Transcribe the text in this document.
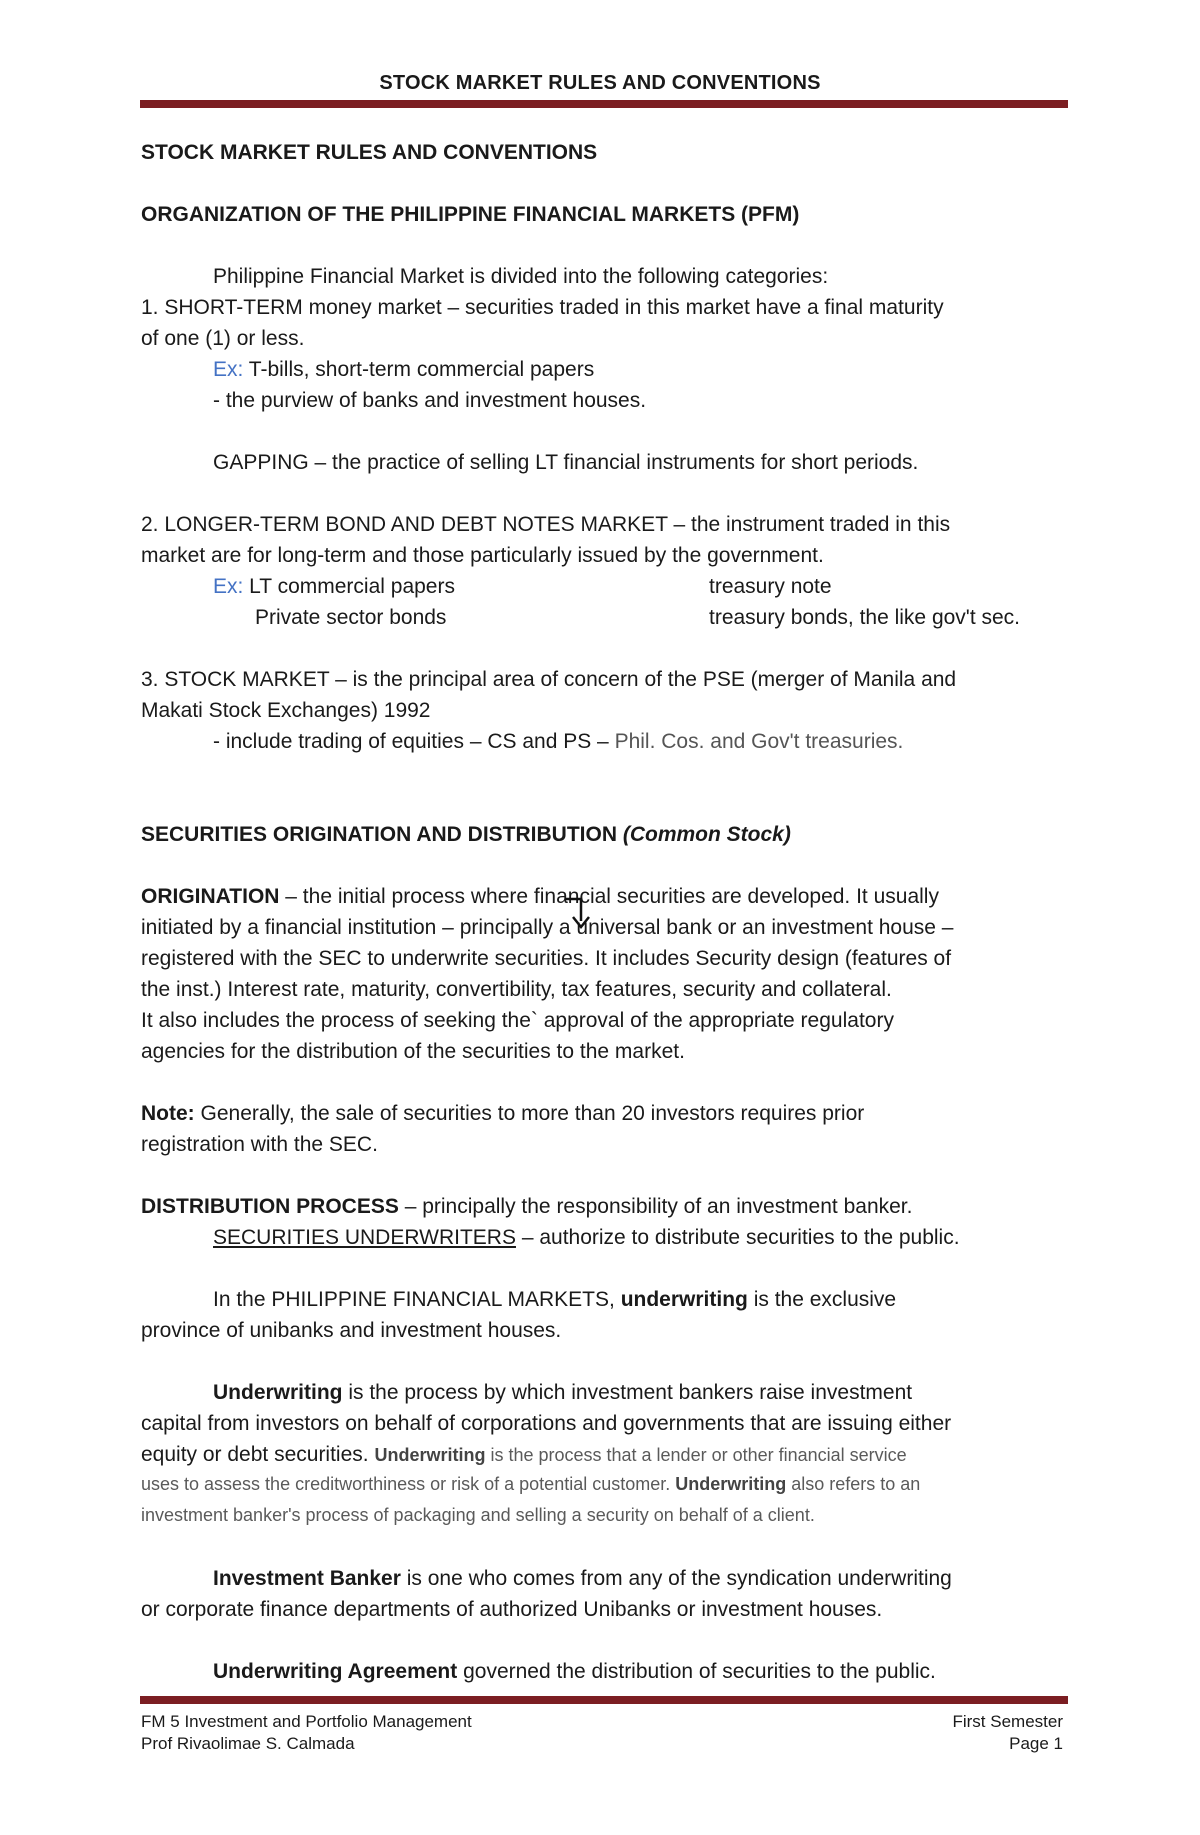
STOCK MARKET RULES AND CONVENTIONS
STOCK MARKET RULES AND CONVENTIONS
ORGANIZATION OF THE PHILIPPINE FINANCIAL MARKETS (PFM)
Philippine Financial Market is divided into the following categories:
1. SHORT-TERM money market – securities traded in this market have a final maturity
of one (1) or less.
Ex: T-bills, short-term commercial papers
- the purview of banks and investment houses.
GAPPING – the practice of selling LT financial instruments for short periods.
2. LONGER-TERM BOND AND DEBT NOTES MARKET – the instrument traded in this
market are for long-term and those particularly issued by the government.
Ex: LT commercial papers	treasury note
Private sector bonds	treasury bonds, the like gov't sec.
3. STOCK MARKET – is the principal area of concern of the PSE (merger of Manila and
Makati Stock Exchanges) 1992
- include trading of equities – CS and PS – Phil. Cos. and Gov't treasuries.
SECURITIES ORIGINATION AND DISTRIBUTION (Common Stock)
ORIGINATION – the initial process where financial securities are developed. It usually
initiated by a financial institution – principally a universal bank or an investment house –
registered with the SEC to underwrite securities. It includes Security design (features of
the inst.) Interest rate, maturity, convertibility, tax features, security and collateral.
It also includes the process of seeking the` approval of the appropriate regulatory
agencies for the distribution of the securities to the market.
Note: Generally, the sale of securities to more than 20 investors requires prior
registration with the SEC.
DISTRIBUTION PROCESS – principally the responsibility of an investment banker.
SECURITIES UNDERWRITERS – authorize to distribute securities to the public.
In the PHILIPPINE FINANCIAL MARKETS, underwriting is the exclusive
province of unibanks and investment houses.
Underwriting is the process by which investment bankers raise investment
capital from investors on behalf of corporations and governments that are issuing either
equity or debt securities. Underwriting is the process that a lender or other financial service
uses to assess the creditworthiness or risk of a potential customer. Underwriting also refers to an
investment banker's process of packaging and selling a security on behalf of a client.
Investment Banker is one who comes from any of the syndication underwriting
or corporate finance departments of authorized Unibanks or investment houses.
Underwriting Agreement governed the distribution of securities to the public.
FM 5 Investment and Portfolio Management	First Semester
Prof Rivaolimae S. Calmada	Page 1
